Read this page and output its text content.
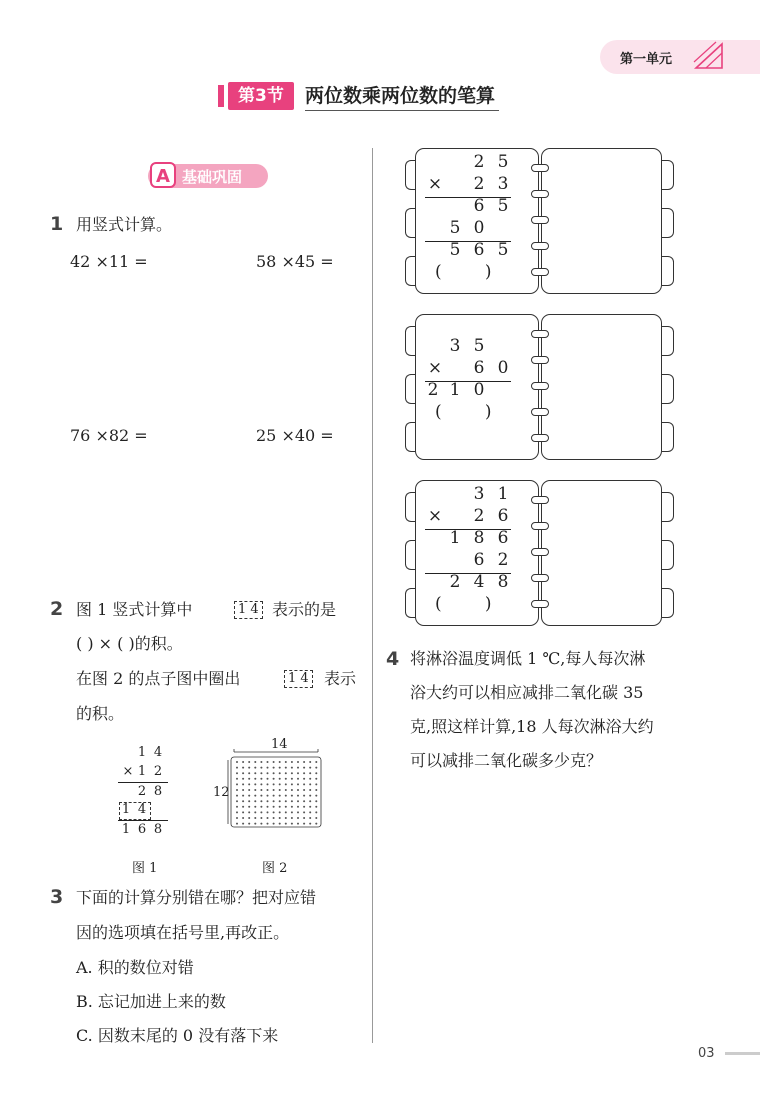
第一单元
第3节	两位数乘两位数的笔算
A 基础巩固
1 用竖式计算。
42 ×11 =	58 ×45 =
76 ×82 =	25 ×40 =
2 图 1 竖式计算中	1 4 表示的是
( ) × ( )的积。
在图 2 的点子图中圈出	1 4 表示
的积。
1 4
× 1 2
2 8
1 4
1 6 8
14
12
图 1	图 2
3 下面的计算分别错在哪？把对应错
因的选项填在括号里,再改正。
A. 积的数位对错
B. 忘记加进上来的数
C. 因数末尾的 0 没有落下来
2 5
× 2 3
6 5
5 0
5 6 5
(        )
3 5
× 6 0
2 1 0
(        )
3 1
× 2 6
1 8 6
6 2
2 4 8
(        )
4 将淋浴温度调低 1 ℃,每人每次淋
浴大约可以相应减排二氧化碳 35
克,照这样计算,18 人每次淋浴大约
可以减排二氧化碳多少克？
03
